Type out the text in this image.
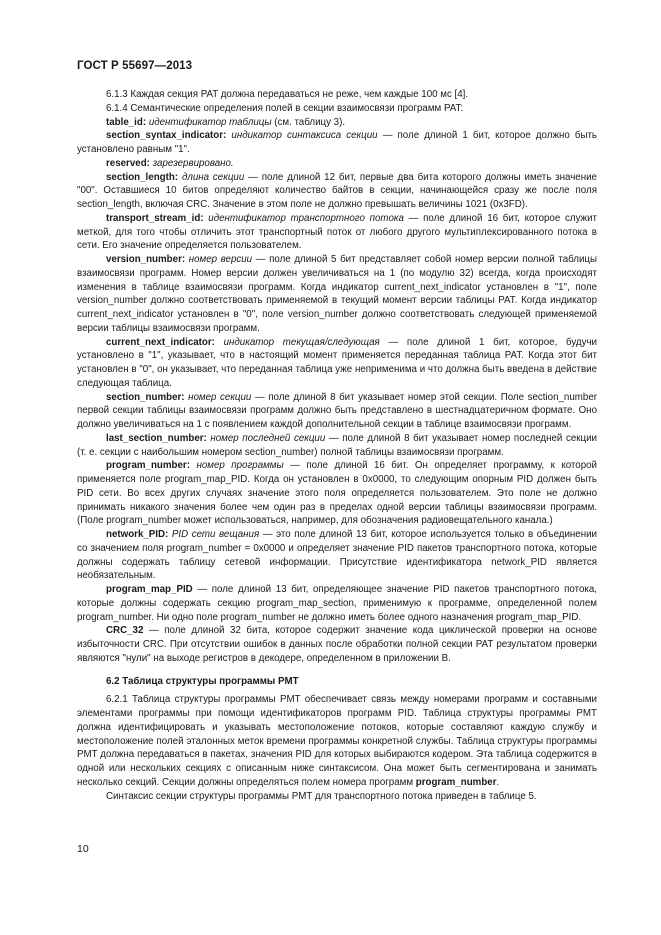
ГОСТ Р 55697—2013

6.1.3 Каждая секция PAT должна передаваться не реже, чем каждые 100 мс [4].

6.1.4 Семантические определения полей в секции взаимосвязи программ PAT:

table_id: идентификатор таблицы (см. таблицу 3).

section_syntax_indicator: индикатор синтаксиса секции — поле длиной 1 бит, которое должно быть установлено равным "1".

reserved: зарезервировано.

section_length: длина секции — поле длиной 12 бит, первые два бита которого должны иметь значение "00". Оставшиеся 10 битов определяют количество байтов в секции, начинающейся сразу же после поля section_length, включая CRC. Значение в этом поле не должно превышать величины 1021 (0x3FD).

transport_stream_id: идентификатор транспортного потока — поле длиной 16 бит, которое служит меткой, для того чтобы отличить этот транспортный поток от любого другого мультиплексированного потока в сети. Его значение определяется пользователем.

version_number: номер версии — поле длиной 5 бит представляет собой номер версии полной таблицы взаимосвязи программ. Номер версии должен увеличиваться на 1 (по модулю 32) всегда, когда происходят изменения в таблице взаимосвязи программ. Когда индикатор current_next_indicator установлен в "1", поле version_number должно соответствовать применяемой в текущий момент версии таблицы PAT. Когда индикатор current_next_indicator установлен в "0", поле version_number должно соответствовать следующей применяемой версии таблицы взаимосвязи программ.

current_next_indicator: индикатор текущая/следующая — поле длиной 1 бит, которое, будучи установлено в "1", указывает, что в настоящий момент применяется переданная таблица PAT. Когда этот бит установлен в "0", он указывает, что переданная таблица уже неприменима и что должна быть введена в действие следующая таблица.

section_number: номер секции — поле длиной 8 бит указывает номер этой секции. Поле section_number первой секции таблицы взаимосвязи программ должно быть представлено в шестнадцатеричном формате. Оно должно увеличиваться на 1 с появлением каждой дополнительной секции в таблице взаимосвязи программ.

last_section_number: номер последней секции — поле длиной 8 бит указывает номер последней секции (т. е. секции с наибольшим номером section_number) полной таблицы взаимосвязи программ.

program_number: номер программы — поле длиной 16 бит. Он определяет программу, к которой применяется поле program_map_PID. Когда он установлен в 0x0000, то следующим опорным PID должен быть PID сети. Во всех других случаях значение этого поля определяется пользователем. Это поле не должно принимать никакого значения более чем один раз в пределах одной версии таблицы взаимосвязи программ. (Поле program_number может использоваться, например, для обозначения радиовещательного канала.)

network_PID: PID сети вещания — это поле длиной 13 бит, которое используется только в объединении со значением поля program_number = 0x0000 и определяет значение PID пакетов транспортного потока, которые должны содержать таблицу сетевой информации. Присутствие идентификатора network_PID является необязательным.

program_map_PID — поле длиной 13 бит, определяющее значение PID пакетов транспортного потока, которые должны содержать секцию program_map_section, применимую к программе, определенной полем program_number. Ни одно поле program_number не должно иметь более одного назначения program_map_PID.

CRC_32 — поле длиной 32 бита, которое содержит значение кода циклической проверки на основе избыточности CRC. При отсутствии ошибок в данных после обработки полной секции PAT результатом проверки являются "нули" на выходе регистров в декодере, определенном в приложении В.

6.2 Таблица структуры программы PMT

6.2.1 Таблица структуры программы PMT обеспечивает связь между номерами программ и составными элементами программы при помощи идентификаторов программ PID. Таблица структуры программы PMT должна идентифицировать и указывать местоположение потоков, которые составляют каждую службу и местоположение полей эталонных меток времени программы конкретной службы. Таблица структуры программы PMT должна передаваться в пакетах, значения PID для которых выбираются кодером. Эта таблица содержится в одной или нескольких секциях с описанным ниже синтаксисом. Она может быть сегментирована и занимать несколько секций. Секции должны определяться полем номера программ program_number.

Синтаксис секции структуры программы PMT для транспортного потока приведен в таблице 5.

10
